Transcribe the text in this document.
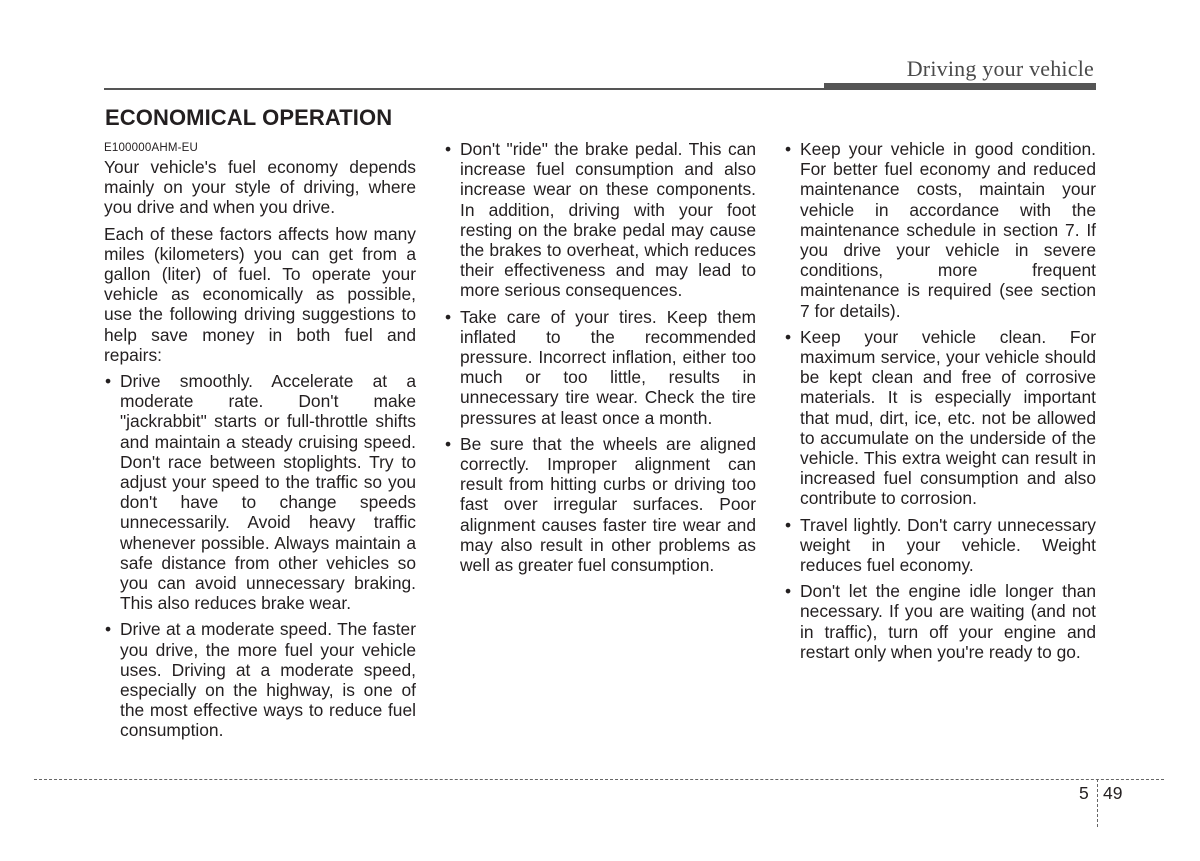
Driving your vehicle
ECONOMICAL OPERATION
E100000AHM-EU

Your vehicle's fuel economy depends mainly on your style of driving, where you drive and when you drive.

Each of these factors affects how many miles (kilometers) you can get from a gallon (liter) of fuel. To operate your vehicle as economically as possible, use the following driving suggestions to help save money in both fuel and repairs:

• Drive smoothly. Accelerate at a moderate rate. Don't make "jackrabbit" starts or full-throttle shifts and maintain a steady cruising speed. Don't race between stoplights. Try to adjust your speed to the traffic so you don't have to change speeds unnecessarily. Avoid heavy traffic whenever possible. Always maintain a safe distance from other vehicles so you can avoid unnecessary braking. This also reduces brake wear.
• Drive at a moderate speed. The faster you drive, the more fuel your vehicle uses. Driving at a moderate speed, especially on the highway, is one of the most effective ways to reduce fuel consumption.
• Don't "ride" the brake pedal. This can increase fuel consumption and also increase wear on these components. In addition, driving with your foot resting on the brake pedal may cause the brakes to overheat, which reduces their effectiveness and may lead to more serious consequences.
• Take care of your tires. Keep them inflated to the recommended pressure. Incorrect inflation, either too much or too little, results in unnecessary tire wear. Check the tire pressures at least once a month.
• Be sure that the wheels are aligned correctly. Improper alignment can result from hitting curbs or driving too fast over irregular surfaces. Poor alignment causes faster tire wear and may also result in other problems as well as greater fuel consumption.
• Keep your vehicle in good condition. For better fuel economy and reduced maintenance costs, maintain your vehicle in accordance with the maintenance schedule in section 7. If you drive your vehicle in severe conditions, more frequent maintenance is required (see section 7 for details).
• Keep your vehicle clean. For maximum service, your vehicle should be kept clean and free of corrosive materials. It is especially important that mud, dirt, ice, etc. not be allowed to accumulate on the underside of the vehicle. This extra weight can result in increased fuel consumption and also contribute to corrosion.
• Travel lightly. Don't carry unnecessary weight in your vehicle. Weight reduces fuel economy.
• Don't let the engine idle longer than necessary. If you are waiting (and not in traffic), turn off your engine and restart only when you're ready to go.
5 49
